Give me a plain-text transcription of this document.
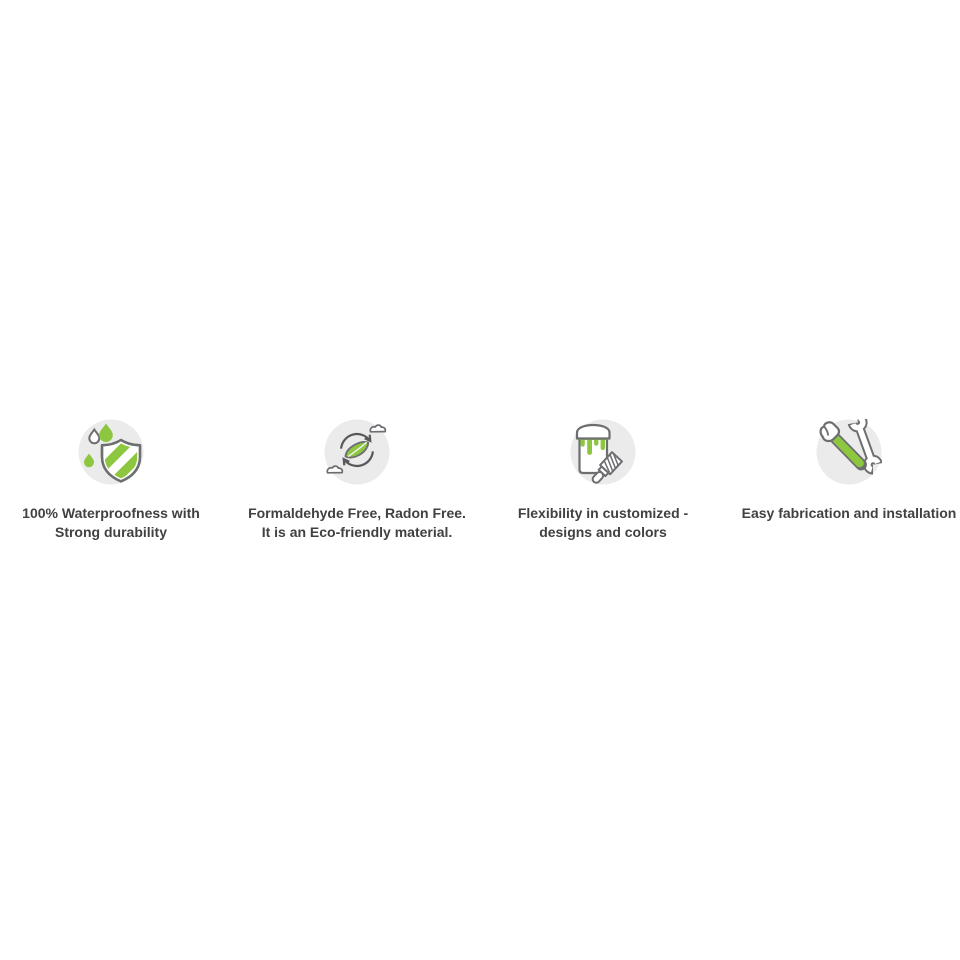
100% Waterproofness with
Strong durability
Formaldehyde Free, Radon Free.
It is an Eco-friendly material.
Flexibility in customized -
designs and colors
Easy fabrication and installation
